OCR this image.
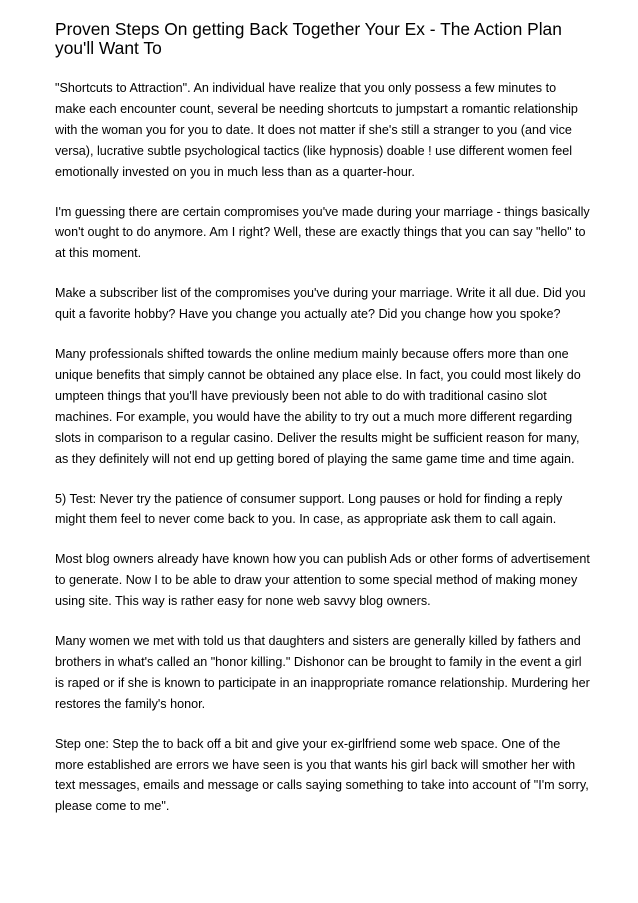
Proven Steps On getting Back Together Your Ex - The Action Plan you'll Want To

"Shortcuts to Attraction". An individual have realize that you only possess a few minutes to make each encounter count, several be needing shortcuts to jumpstart a romantic relationship with the woman you for you to date. It does not matter if she's still a stranger to you (and vice versa), lucrative subtle psychological tactics (like hypnosis) doable ! use different women feel emotionally invested on you in much less than as a quarter-hour.

I'm guessing there are certain compromises you've made during your marriage - things basically won't ought to do anymore. Am I right? Well, these are exactly things that you can say "hello" to at this moment.

Make a subscriber list of the compromises you've during your marriage. Write it all due. Did you quit a favorite hobby? Have you change you actually ate? Did you change how you spoke?

Many professionals shifted towards the online medium mainly because offers more than one unique benefits that simply cannot be obtained any place else. In fact, you could most likely do umpteen things that you'll have previously been not able to do with traditional casino slot machines. For example, you would have the ability to try out a much more different regarding slots in comparison to a regular casino. Deliver the results might be sufficient reason for many, as they definitely will not end up getting bored of playing the same game time and time again.

5) Test: Never try the patience of consumer support. Long pauses or hold for finding a reply might them feel to never come back to you. In case, as appropriate ask them to call again.

Most blog owners already have known how you can publish Ads or other forms of advertisement to generate. Now I to be able to draw your attention to some special method of making money using site. This way is rather easy for none web savvy blog owners.

Many women we met with told us that daughters and sisters are generally killed by fathers and brothers in what's called an "honor killing." Dishonor can be brought to family in the event a girl is raped or if she is known to participate in an inappropriate romance relationship. Murdering her restores the family's honor.

Step one: Step the to back off a bit and give your ex-girlfriend some web space. One of the more established are errors we have seen is you that wants his girl back will smother her with text messages, emails and message or calls saying something to take into account of "I'm sorry, please come to me".
